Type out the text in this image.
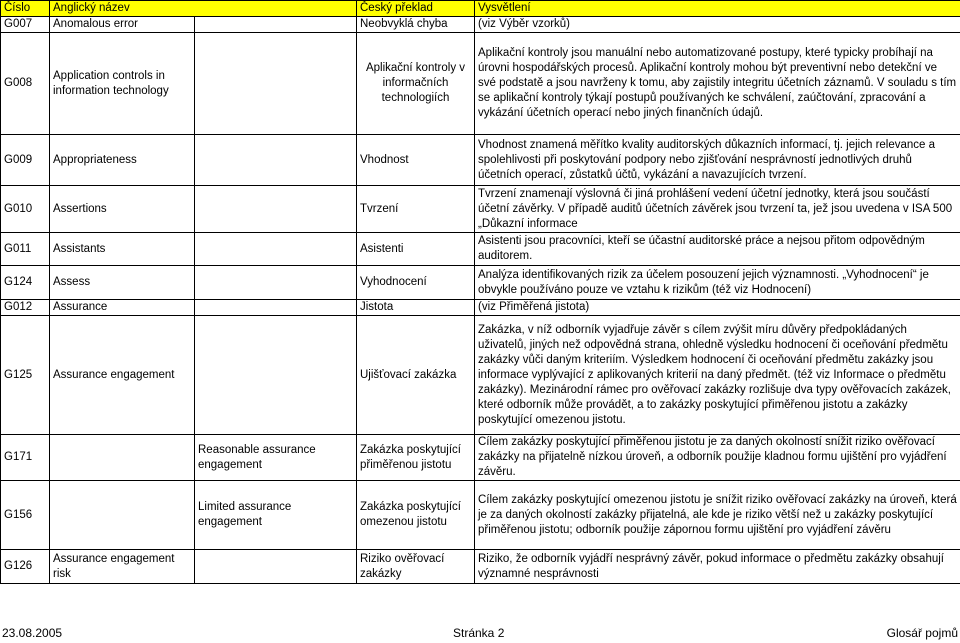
Číslo	Anglický název		Český překlad	Vysvětlení
G007	Anomalous error		Neobvyklá chyba	(viz Výběr vzorků)
G008	Application controls in information technology		Aplikační kontroly v informačních technologiích	Aplikační kontroly jsou manuální nebo automatizované postupy, které typicky probíhají na úrovni hospodářských procesů. Aplikační kontroly mohou být preventivní nebo detekční ve své podstatě a jsou navrženy k tomu, aby zajistily integritu účetních záznamů. V souladu s tím se aplikační kontroly týkají postupů používaných ke schválení, zaúčtování, zpracování a vykázání účetních operací nebo jiných finančních údajů.
G009	Appropriateness		Vhodnost	Vhodnost znamená měřítko kvality auditorských důkazních informací, tj. jejich relevance a spolehlivosti při poskytování podpory nebo zjišťování nesprávností jednotlivých druhů účetních operací, zůstatků účtů, vykázání a navazujících tvrzení.
G010	Assertions		Tvrzení	Tvrzení znamenají výslovná či jiná prohlášení vedení účetní jednotky, která jsou součástí účetní závěrky. V případě auditů účetních závěrek jsou tvrzení ta, jež jsou uvedena v ISA 500 „Důkazní informace
G011	Assistants		Asistenti	Asistenti jsou pracovníci, kteří se účastní auditorské práce a nejsou přitom odpovědným auditorem.
G124	Assess		Vyhodnocení	Analýza identifikovaných rizik za účelem posouzení jejich významnosti. „Vyhodnocení“ je obvykle používáno pouze ve vztahu k rizikům (též viz Hodnocení)
G012	Assurance		Jistota	(viz Přiměřená jistota)
G125	Assurance engagement		Ujišťovací zakázka	Zakázka, v níž odborník vyjadřuje závěr s cílem zvýšit míru důvěry předpokládaných uživatelů, jiných než odpovědná strana, ohledně výsledku hodnocení či oceňování předmětu zakázky vůči daným kriteriím. Výsledkem hodnocení či oceňování předmětu zakázky jsou informace vyplývající z aplikovaných kriterií na daný předmět. (též viz Informace o předmětu zakázky). Mezinárodní rámec pro ověřovací zakázky rozlišuje dva typy ověřovacích zakázek, které odborník může provádět, a to zakázky poskytující přiměřenou jistotu a zakázky poskytující omezenou jistotu.
G171		Reasonable assurance engagement	Zakázka poskytující přiměřenou jistotu	Cílem zakázky poskytující přiměřenou jistotu je za daných okolností snížit riziko ověřovací zakázky na přijatelně nízkou úroveň, a odborník použije kladnou formu ujištění pro vyjádření závěru.
G156		Limited assurance engagement	Zakázka poskytující omezenou jistotu	Cílem zakázky poskytující omezenou jistotu je snížit riziko ověřovací zakázky na úroveň, která je za daných okolností zakázky přijatelná, ale kde je riziko větší než u zakázky poskytující přiměřenou jistotu; odborník použije zápornou formu ujištění pro vyjádření závěru
G126	Assurance engagement risk		Riziko ověřovací zakázky	Riziko, že odborník vyjádří nesprávný závěr, pokud informace o předmětu zakázky obsahují významné nesprávnosti
23.08.2005	Stránka 2	Glosář pojmů
